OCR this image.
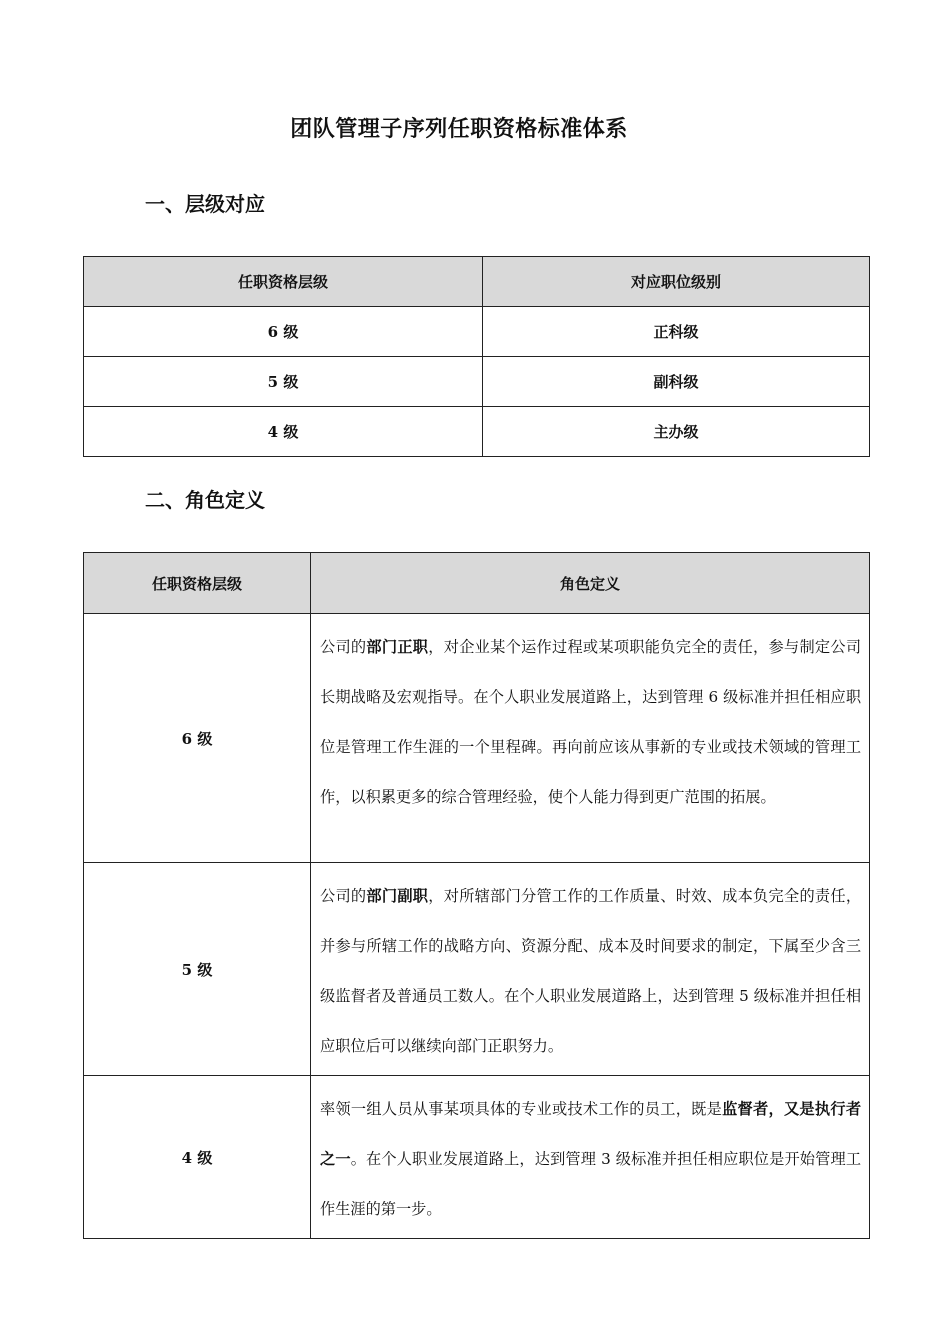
团队管理子序列任职资格标准体系
一、层级对应
任职资格层级	对应职位级别
6 级	正科级
5 级	副科级
4 级	主办级
二、角色定义
任职资格层级	角色定义
6 级	公司的部门正职，对企业某个运作过程或某项职能负完全的责任，参与制定公司长期战略及宏观指导。在个人职业发展道路上，达到管理 6 级标准并担任相应职位是管理工作生涯的一个里程碑。再向前应该从事新的专业或技术领域的管理工作，以积累更多的综合管理经验，使个人能力得到更广范围的拓展。
5 级	公司的部门副职，对所辖部门分管工作的工作质量、时效、成本负完全的责任，并参与所辖工作的战略方向、资源分配、成本及时间要求的制定，下属至少含三级监督者及普通员工数人。在个人职业发展道路上，达到管理 5 级标准并担任相应职位后可以继续向部门正职努力。
4 级	率领一组人员从事某项具体的专业或技术工作的员工，既是监督者，又是执行者之一。在个人职业发展道路上，达到管理 3 级标准并担任相应职位是开始管理工作生涯的第一步。
